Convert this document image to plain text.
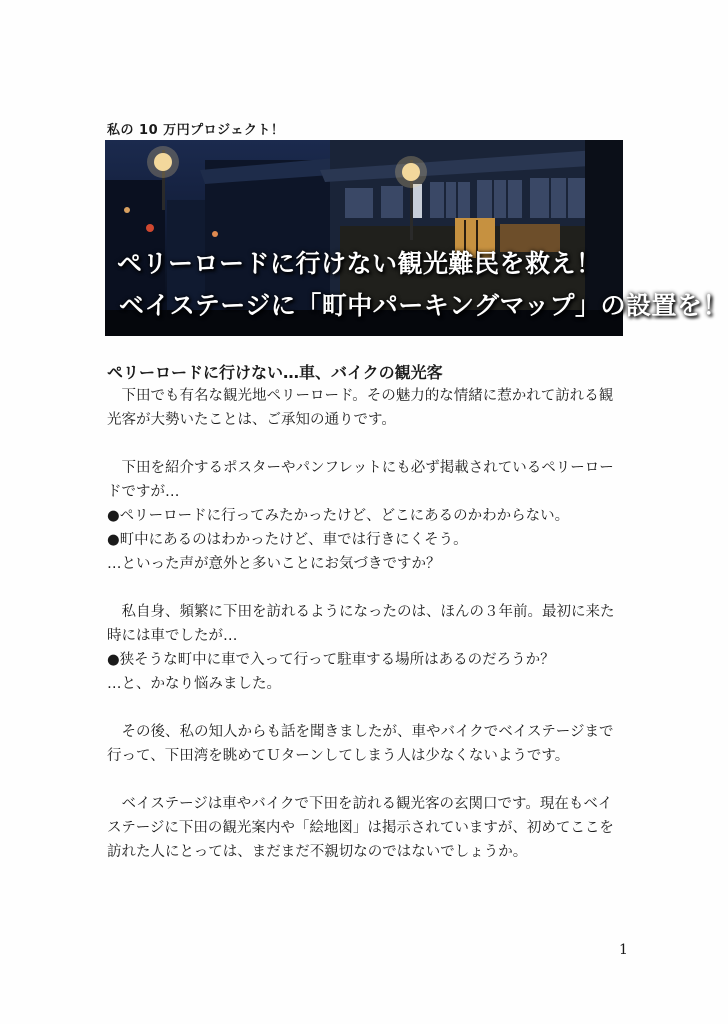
私の 10 万円プロジェクト！
ペリーロードに行けない観光難民を救え！
ベイステージに「町中パーキングマップ」の設置を！
ペリーロードに行けない…車、バイクの観光客

　下田でも有名な観光地ペリーロード。その魅力的な情緒に惹かれて訪れる観
光客が大勢いたことは、ご承知の通りです。

　下田を紹介するポスターやパンフレットにも必ず掲載されているペリーロー
ドですが…
●ペリーロードに行ってみたかったけど、どこにあるのかわからない。
●町中にあるのはわかったけど、車では行きにくそう。
…といった声が意外と多いことにお気づきですか？

　私自身、頻繁に下田を訪れるようになったのは、ほんの３年前。最初に来た
時には車でしたが…
●狭そうな町中に車で入って行って駐車する場所はあるのだろうか？
…と、かなり悩みました。

　その後、私の知人からも話を聞きましたが、車やバイクでベイステージまで
行って、下田湾を眺めてＵターンしてしまう人は少なくないようです。

　ベイステージは車やバイクで下田を訪れる観光客の玄関口です。現在もベイ
ステージに下田の観光案内や「絵地図」は掲示されていますが、初めてここを
訪れた人にとっては、まだまだ不親切なのではないでしょうか。

1
